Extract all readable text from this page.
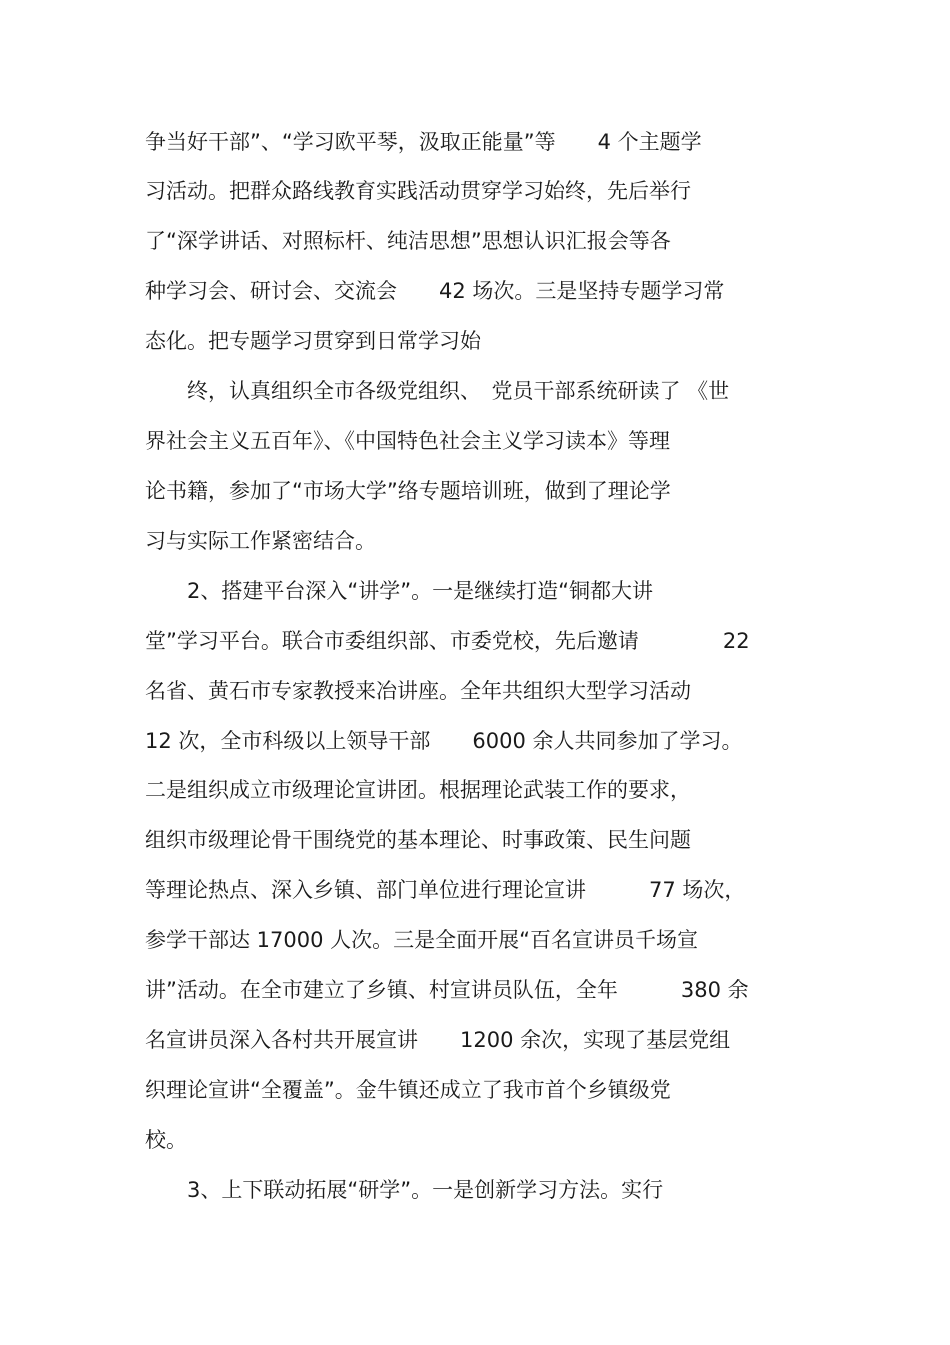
争当好干部”、“学习欧平琴，汲取正能量”等　　4 个主题学

习活动。把群众路线教育实践活动贯穿学习始终，先后举行

了“深学讲话、对照标杆、纯洁思想”思想认识汇报会等各

种学习会、研讨会、交流会　　42 场次。三是坚持专题学习常

态化。把专题学习贯穿到日常学习始

　　终，认真组织全市各级党组织、　党员干部系统研读了 《世

界社会主义五百年》、《中国特色社会主义学习读本》等理

论书籍，参加了“市场大学”络专题培训班，做到了理论学

习与实际工作紧密结合。

　　2、搭建平台深入“讲学”。一是继续打造“铜都大讲

堂”学习平台。联合市委组织部、市委党校，先后邀请　　　　22

名省、黄石市专家教授来冶讲座。全年共组织大型学习活动

12 次，全市科级以上领导干部　　6000 余人共同参加了学习。

二是组织成立市级理论宣讲团。根据理论武装工作的要求，

组织市级理论骨干围绕党的基本理论、时事政策、民生问题

等理论热点、深入乡镇、部门单位进行理论宣讲　　　77 场次，

参学干部达 17000 人次。三是全面开展“百名宣讲员千场宣

讲”活动。在全市建立了乡镇、村宣讲员队伍，全年　　　380 余

名宣讲员深入各村共开展宣讲　　1200 余次，实现了基层党组

织理论宣讲“全覆盖”。金牛镇还成立了我市首个乡镇级党

校。

　　3、上下联动拓展“研学”。一是创新学习方法。实行
